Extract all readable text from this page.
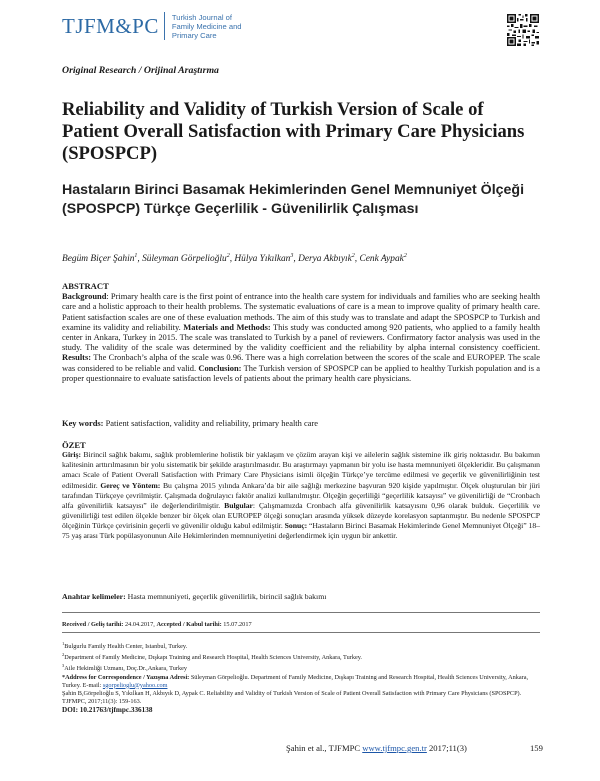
TJFM&PC Turkish Journal of
Family Medicine and
Primary Care
Original Research / Orijinal Araştırma
Reliability and Validity of Turkish Version of Scale of Patient Overall Satisfaction with Primary Care Physicians (SPOSPCP)
Hastaların Birinci Basamak Hekimlerinden Genel Memnuniyet Ölçeği (SPOSPCP) Türkçe Geçerlilik - Güvenilirlik Çalışması
Begüm Biçer Şahin$^1$, Süleyman Görpelioğlu$^2$, Hülya Yıkılkan$^3$, Derya Akbıyık$^2$, Cenk Aypak$^2$
ABSTRACT

Background: Primary health care is the first point of entrance into the health care system for individuals and families who are seeking health care and a holistic approach to their health problems. The systematic evaluations of care is a mean to improve quality of primary health care. Patient satisfaction scales are one of these evaluation methods. The aim of this study was to translate and adapt the SPOSPCP to Turkish and examine its validity and reliability. Materials and Methods: This study was conducted among 920 patients, who applied to a family health center in Ankara, Turkey in 2015. The scale was translated to Turkish by a panel of reviewers. Confirmatory factor analysis was used in the study. The validity of the scale was determined by the validity coefficient and the reliability by alpha internal consistency coefficient. Results: The Cronbach’s alpha of the scale was 0.96. There was a high correlation between the scores of the scale and EUROPEP. The scale was considered to be reliable and valid. Conclusion: The Turkish version of SPOSPCP can be applied to healthy Turkish population and is a proper questionnaire to evaluate satisfaction levels of patients about the primary health care physicians.

Key words: Patient satisfaction, validity and reliability, primary health care
ÖZET

Giriş: Birincil sağlık bakımı, sağlık problemlerine holistik bir yaklaşım ve çözüm arayan kişi ve ailelerin sağlık sistemine ilk giriş noktasıdır. Bu bakımın kalitesinin arttırılmasının bir yolu sistematik bir şekilde araştırılmasıdır. Bu araştırmayı yapmanın bir yolu ise hasta memnuniyeti ölçekleridir. Bu çalışmanın amacı Scale of Patient Overall Satisfaction with Primary Care Physicians isimli ölçeğin Türkçe’ye tercüme edilmesi ve geçerlik ve güvenilirliğinin test edilmesidir. Gereç ve Yöntem: Bu çalışma 2015 yılında Ankara’da bir aile sağlığı merkezine başvuran 920 kişide yapılmıştır. Ölçek oluşturulan bir jüri tarafından Türkçeye çevrilmiştir. Çalışmada doğrulayıcı faktör analizi kullanılmıştır. Ölçeğin geçerliliği “geçerlilik katsayısı” ve güvenilirliği de “Cronbach alfa güvenilirlik katsayısı” ile değerlendirilmiştir. Bulgular: Çalışmamızda Cronbach alfa güvenilirlik katsayısını 0,96 olarak bulduk. Geçerlilik ve güvenilirliği test edilen ölçekle benzer bir ölçek olan EUROPEP ölçeği sonuçları arasında yüksek düzeyde korelasyon saptanmıştır. Bu nedenle SPOSPCP ölçeğinin Türkçe çevirisinin geçerli ve güvenilir olduğu kabul edilmiştir. Sonuç: “Hastaların Birinci Basamak Hekimlerinde Genel Memnuniyet Ölçeği” 18–75 yaş arası Türk popülasyonunun Aile Hekimlerinden memnuniyetini değerlendirmek için uygun bir ankettir.

Anahtar kelimeler: Hasta memnuniyeti, geçerlik güvenilirlik, birincil sağlık bakımı
Received / Geliş tarihi: 24.04.2017, Accepted / Kabul tarihi: 15.07.2017

$^1$Bulgurlu Family Health Center, Istanbul, Turkey.

$^2$Department of Family Medicine, Dışkapı Training and Research Hospital, Health Sciences University, Ankara, Turkey.

$^3$Aile Hekimliği Uzmanı, Doç.Dr.,Ankara, Turkey

*Address for Correspondence / Yazışma Adresi: Süleyman Görpelioğlu. Department of Family Medicine, Dışkapı Training and Research Hospital, Health Sciences University, Ankara, Turkey. E-mail: sgorpelioglu@yahoo.com

Şahin B,Görpelioğlu S, Yıkılkan H, Akbıyık D, Aypak C. Reliability and Validity of Turkish Version of Scale of Patient Overall Satisfaction with Primary Care Physicians (SPOSPCP). TJFMPC, 2017;11(3): 159-163.

DOI: 10.21763/tjfmpc.336138

Şahin et al., TJFMPC www.tjfmpc.gen.tr 2017;11(3)	159
